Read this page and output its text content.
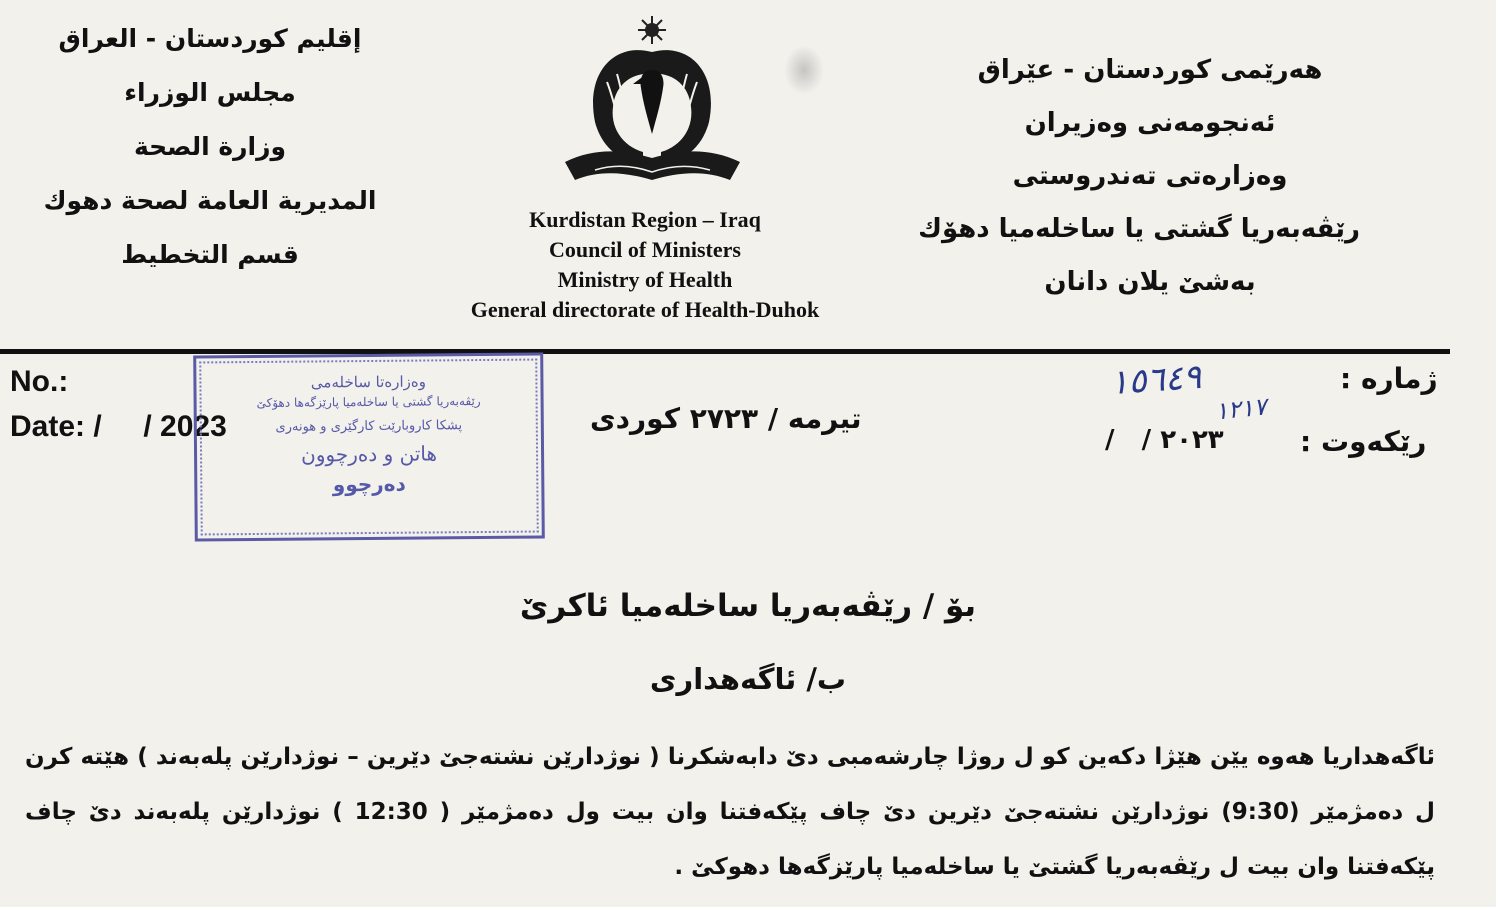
هەرێمی كوردستان - عێراق
ئەنجومەنی وەزیران
وەزارەتی تەندروستی
رێڤەبەریا گشتی یا ساخلەمیا دهۆك
بەشێ یلان دانان
إقليم كوردستان - العراق
مجلس الوزراء
وزارة الصحة
المديرية العامة لصحة دهوك
قسم التخطيط
Kurdistan Region – Iraq
Council of Ministers
Ministry of Health
General directorate of Health-Duhok
No.:
Date: /     / 2023
وەزارەتا ساخلەمی
رێڤەبەریا گشتی یا ساخلەمیا پارێزگەها دهۆكێ
پشكا كاروبارێت كارگێری و هونەری
هاتن و دەرچوون
دەرچوو
تیرمە / ٢٧٢٣ كوردی
ژمارە :
١٥٦٤٩
١٢١٧
رێكەوت :
٢٠٢٣ /   /
بۆ / رێڤەبەریا ساخلەمیا ئاكرێ
ب/ ئاگەهداری
ئاگەهداریا هەوە یێن هێژا دكەین كو ل روژا چارشەمبی دێ دابەشكرنا ( نوژدارێن نشتەجێ دێرین – نوژدارێن پلەبەند ) هێتە كرن ل دەمژمێر (9:30) نوژدارێن نشتەجێ دێرین دێ چاف پێكەفتنا وان بیت ول دەمژمێر ( 12:30 ) نوژدارێن پلەبەند دێ چاف پێكەفتنا وان بیت ل رێڤەبەریا گشتێ یا ساخلەمیا پارێزگەها دهوكێ .
